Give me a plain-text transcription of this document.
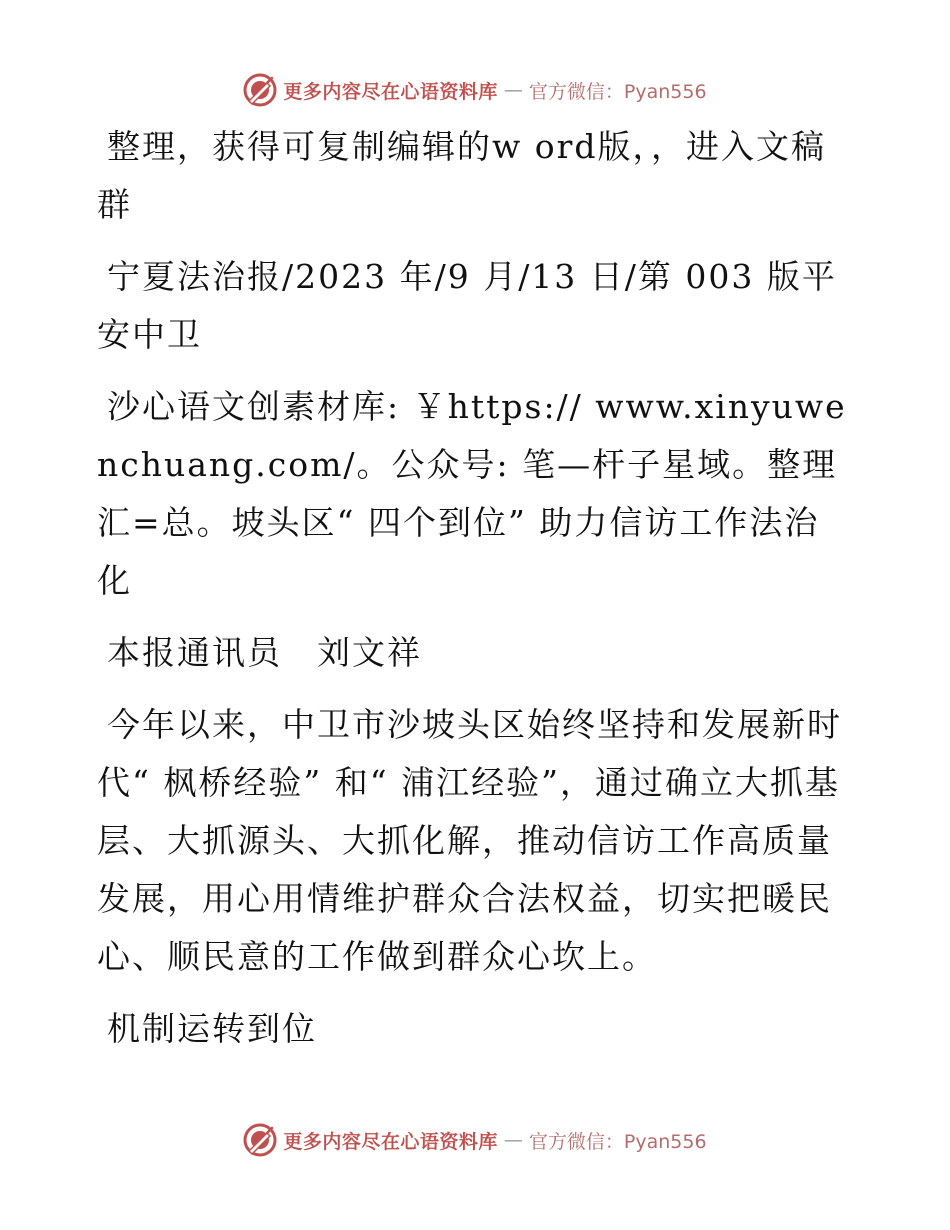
更多内容尽在心语资料库 — 官方微信：Pyan556

整理，获得可复制编辑的w ord版，，进入文稿群

宁夏法治报/2023 年/9 月/13 日/第 003 版平安中卫

沙心语文创素材库: ￥https:// www.xinyuwenchuang.com/。公众号: 笔—杆子星域。整理汇=总。坡头区“ 四个到位” 助力信访工作法治化

本报通讯员　刘文祥

今年以来，中卫市沙坡头区始终坚持和发展新时代“ 枫桥经验” 和“ 浦江经验”，通过确立大抓基层、大抓源头、大抓化解，推动信访工作高质量发展，用心用情维护群众合法权益，切实把暖民心、顺民意的工作做到群众心坎上。

机制运转到位

更多内容尽在心语资料库 — 官方微信：Pyan556
